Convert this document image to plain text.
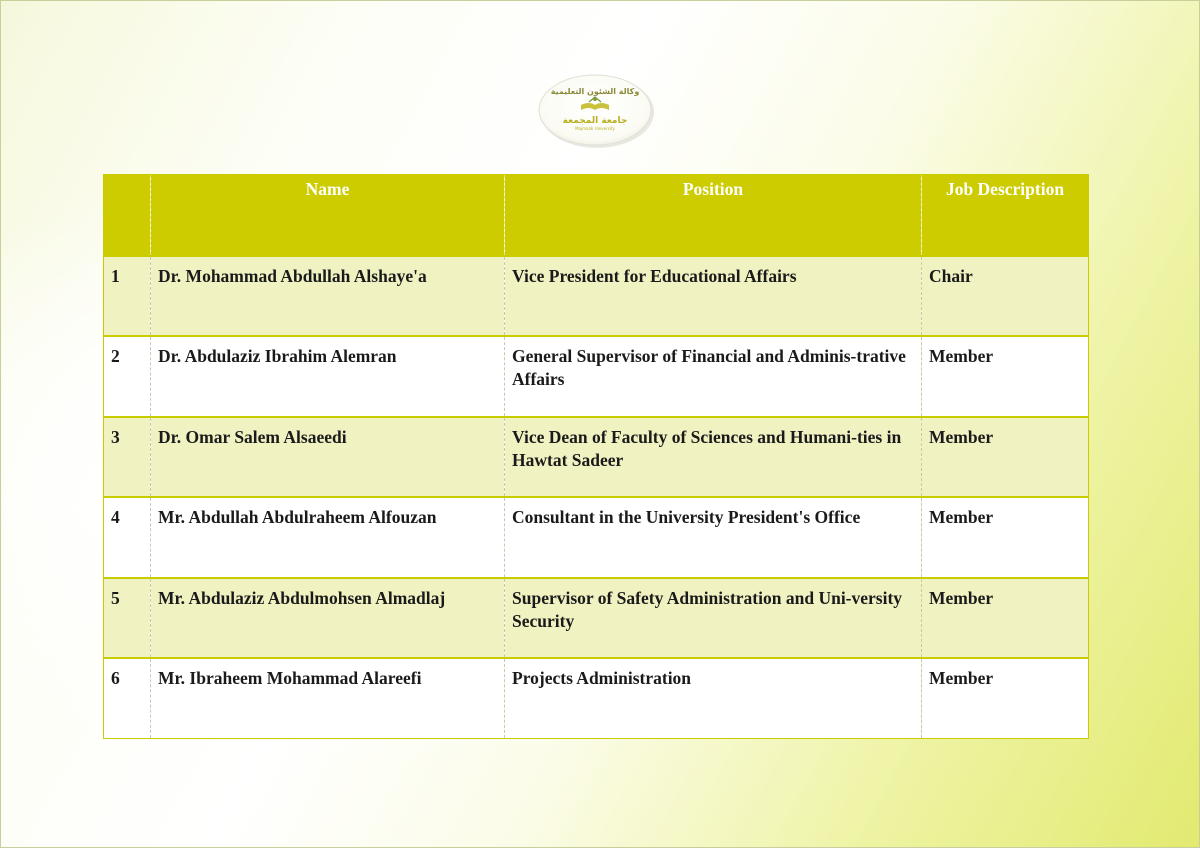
وكالة الشئون التعليمية
جامعة المجمعة
Majmaah University
	Name	Position	Job Description
1	Dr. Mohammad Abdullah Alshaye'a	Vice President for Educational Affairs	Chair
2	Dr. Abdulaziz Ibrahim Alemran	General Supervisor of Financial and Adminis-trative Affairs	Member
3	Dr. Omar Salem Alsaeedi	Vice Dean of Faculty of Sciences and Humani-ties in Hawtat Sadeer	Member
4	Mr. Abdullah Abdulraheem Alfouzan	Consultant in the University President's Office	Member
5	Mr. Abdulaziz Abdulmohsen Almadlaj	Supervisor of Safety Administration and Uni-versity Security	Member
6	Mr. Ibraheem Mohammad Alareefi	Projects Administration	Member
